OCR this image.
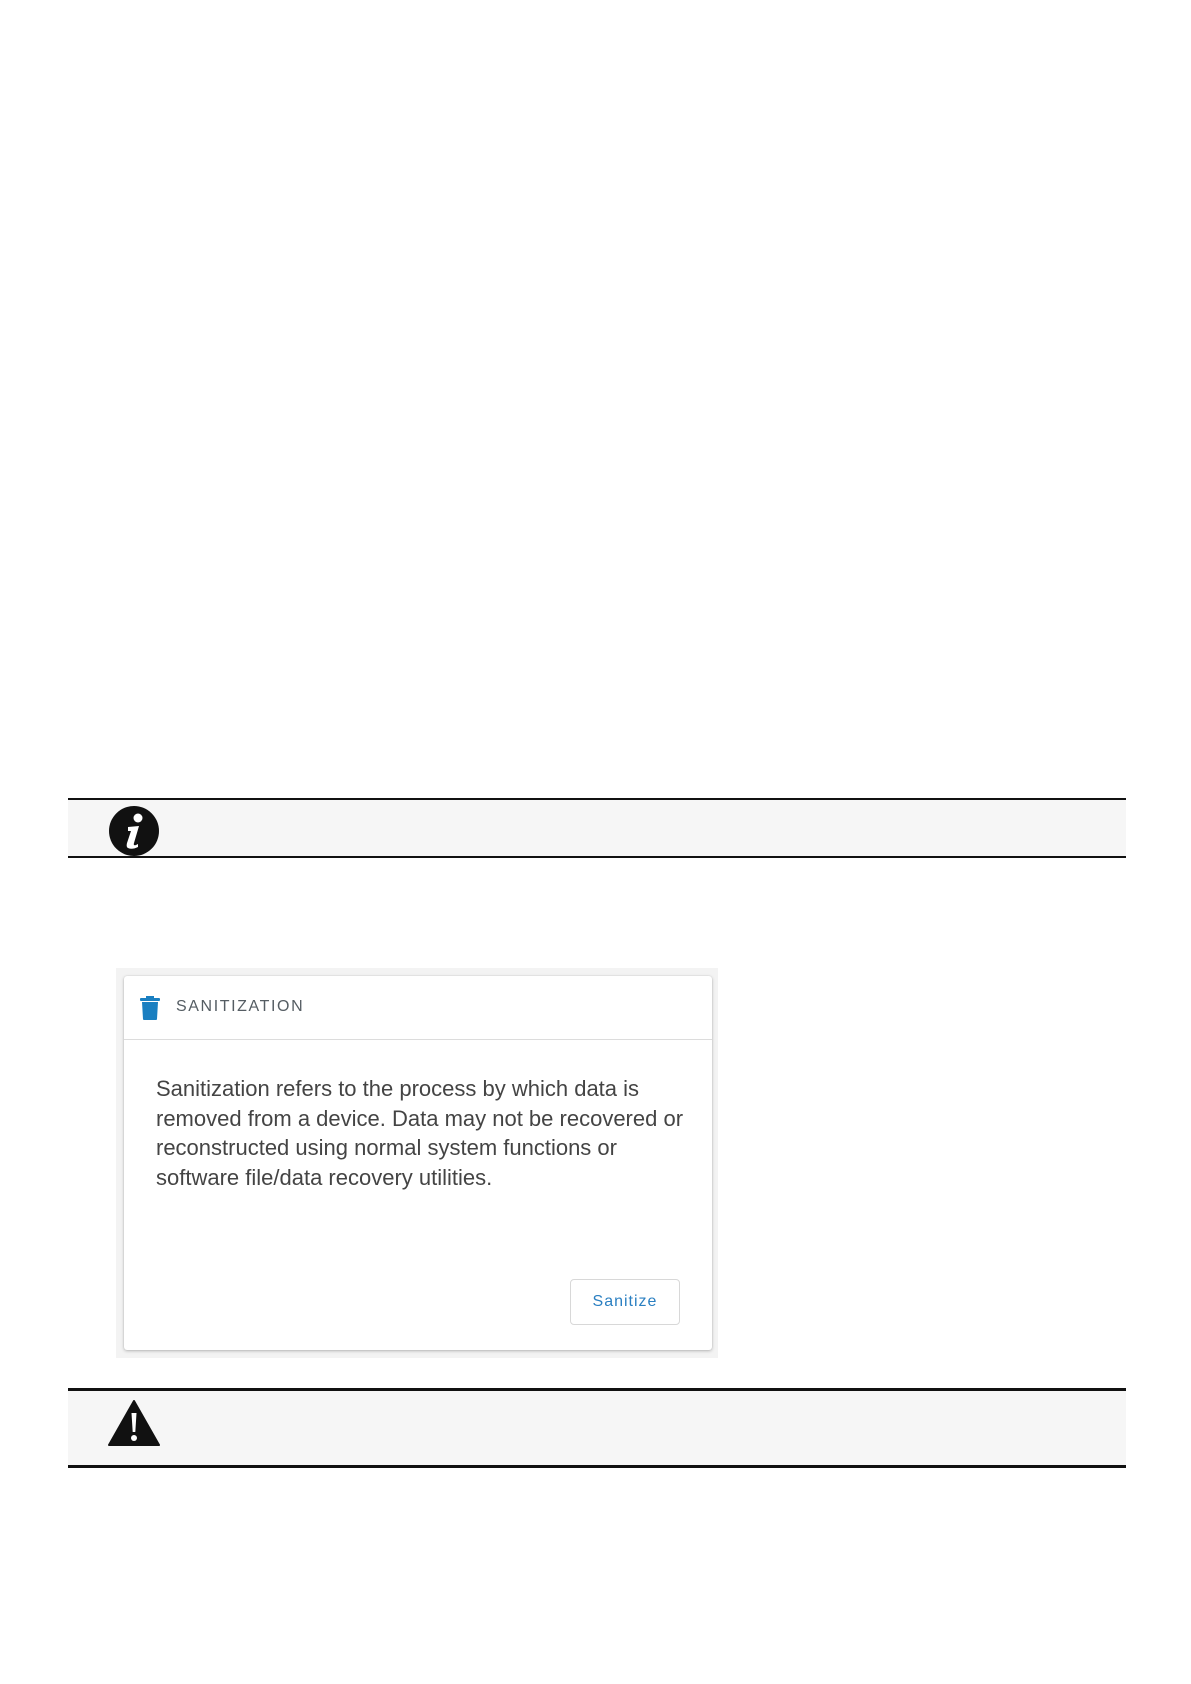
SANITIZATION
Sanitization refers to the process by which data is removed from a device. Data may not be recovered or reconstructed using normal system functions or software file/data recovery utilities.
Sanitize
